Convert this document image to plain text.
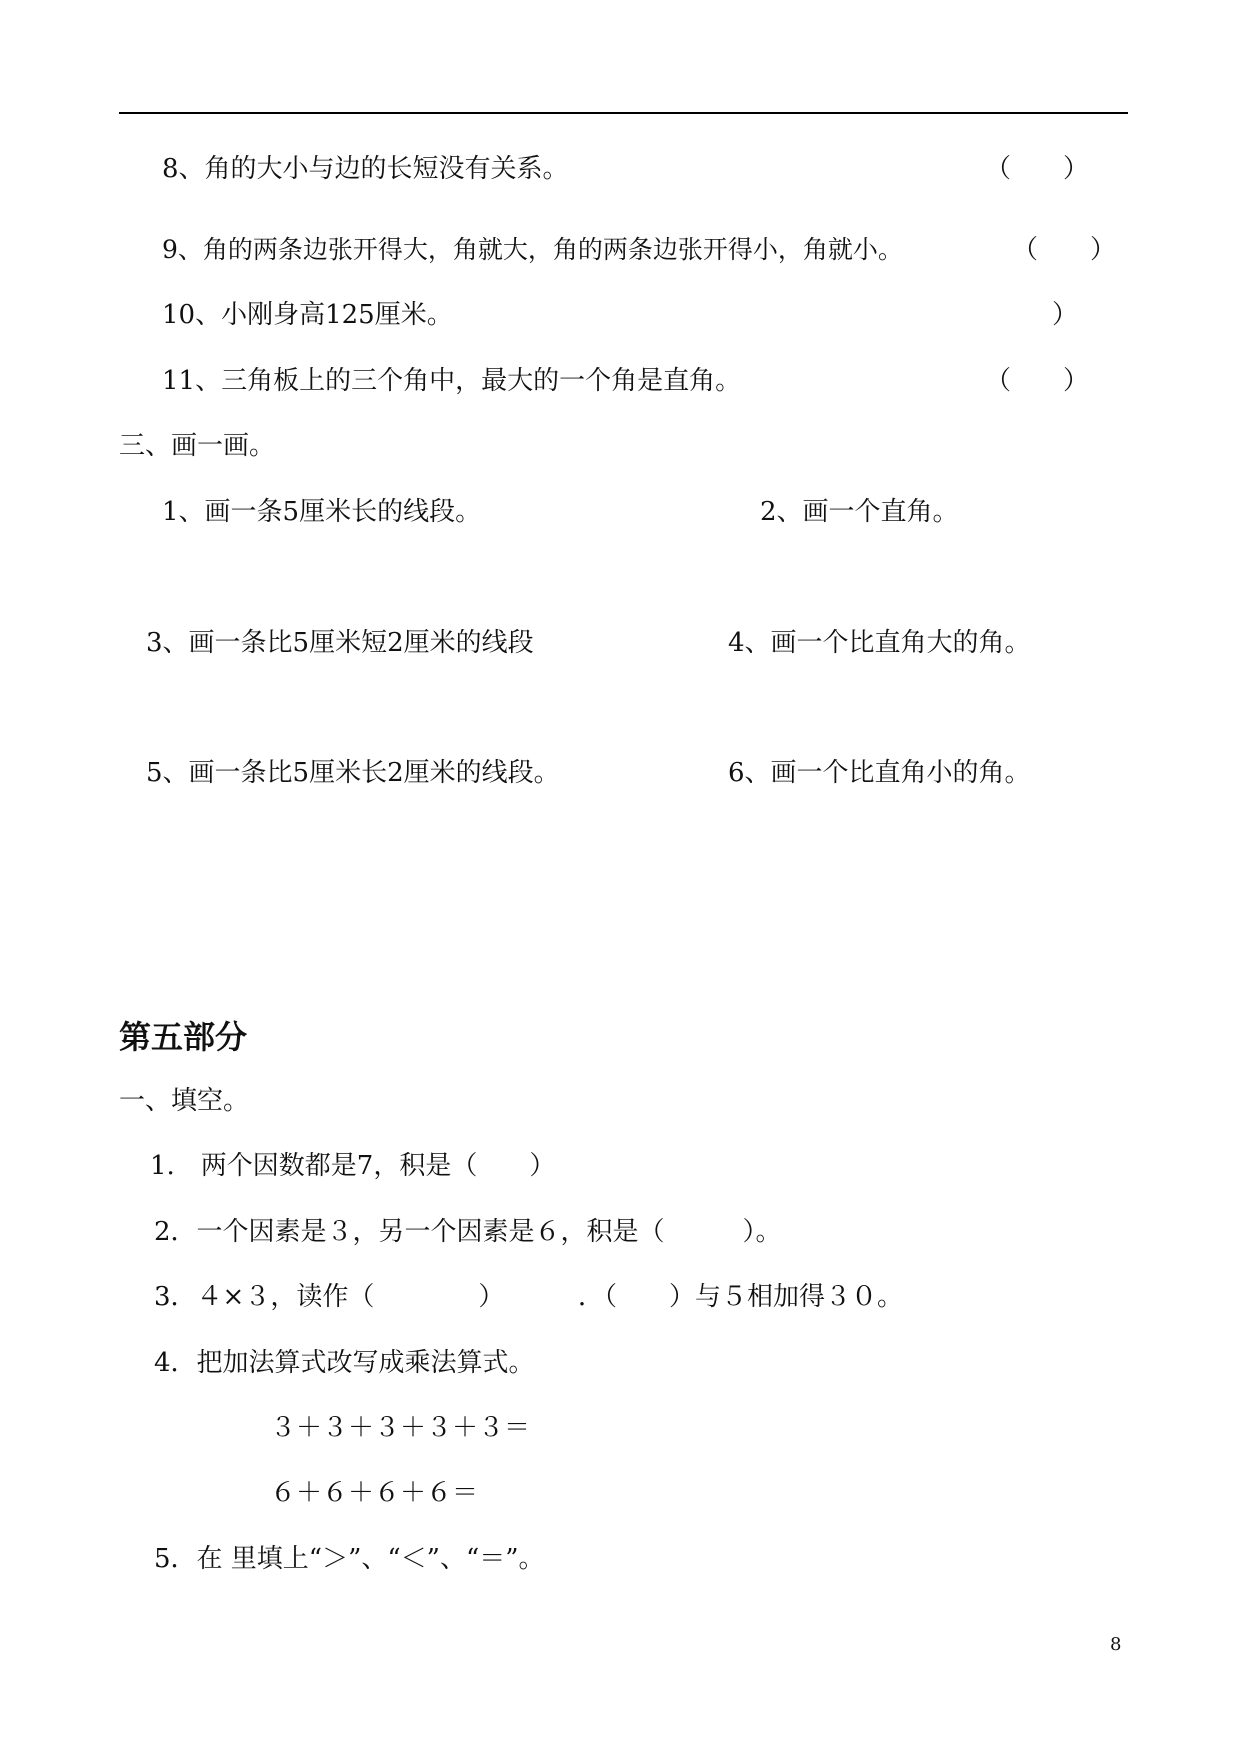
8、角的大小与边的长短没有关系。	（　　）
9、角的两条边张开得大，角就大，角的两条边张开得小，角就小。	（　　）
10、小刚身高125厘米。	）
11、三角板上的三个角中，最大的一个角是直角。	（　　）
三、画一画。
1、画一条5厘米长的线段。	2、画一个直角。
3、画一条比5厘米短2厘米的线段	4、画一个比直角大的角。
5、画一条比5厘米长2厘米的线段。	6、画一个比直角小的角。
第五部分
一、填空。
1.　两个因数都是7，积是（　　）
2．一个因素是３，另一个因素是６，积是（　　　）。
3．４×３，读作（　　　　）	．（　　）与５相加得３０。
4．把加法算式改写成乘法算式。
３＋３＋３＋３＋３＝
６＋６＋６＋６＝
5．在 里填上“＞”、“＜”、“＝”。
8
